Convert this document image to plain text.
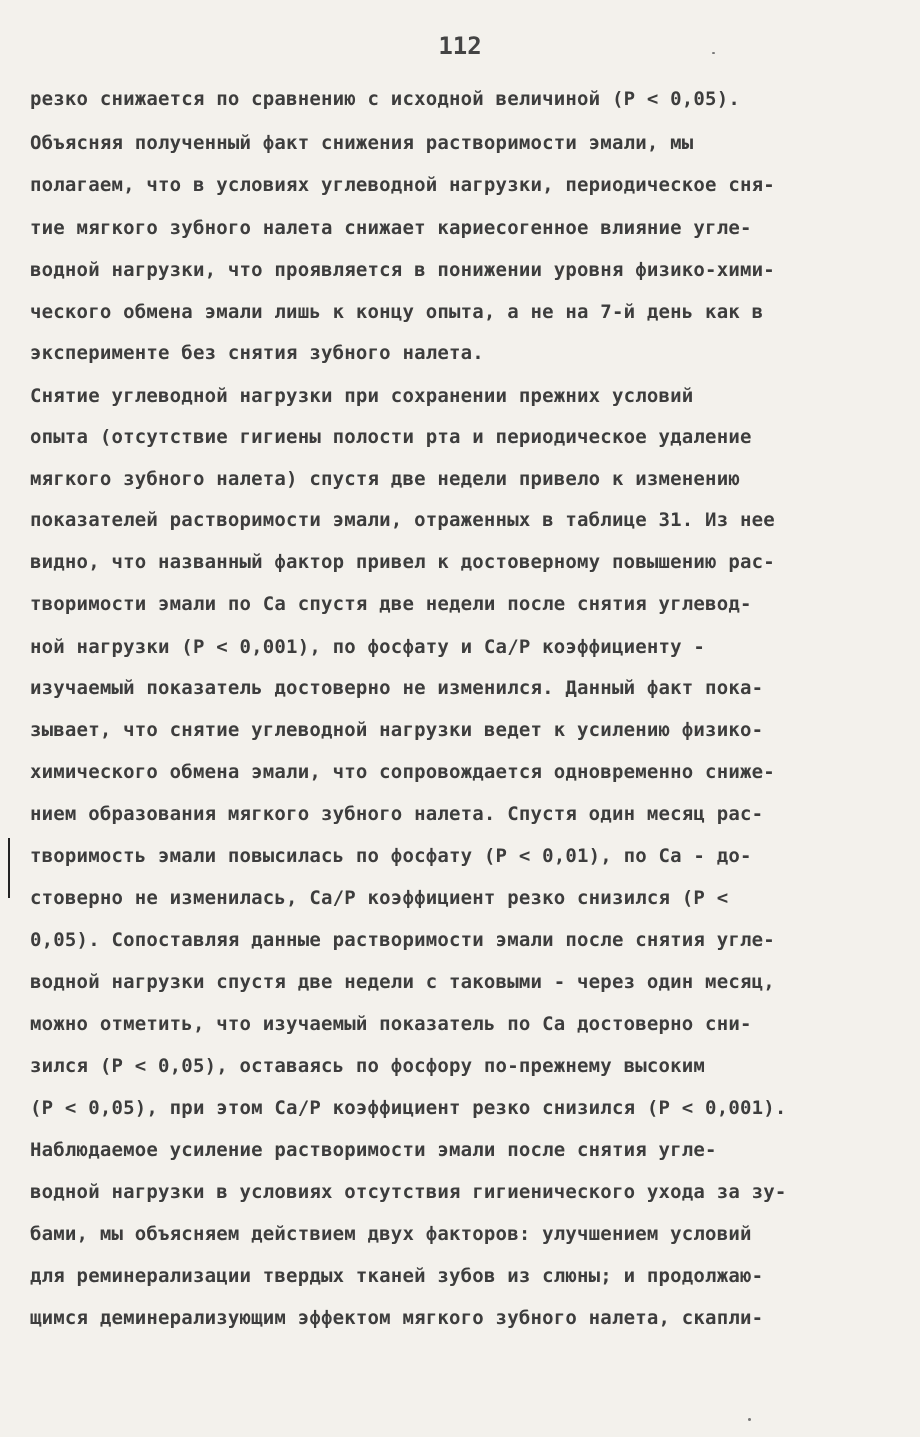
112
резко снижается по сравнению с исходной величиной (Р < 0,05).
Объясняя полученный факт снижения растворимости эмали, мы
полагаем, что в условиях углеводной нагрузки, периодическое сня-
тие мягкого зубного налета снижает кариесогенное влияние угле-
водной нагрузки, что проявляется в понижении уровня физико-хими-
ческого обмена эмали лишь к концу опыта, а не на 7-й день как в
эксперименте без снятия зубного налета.
Снятие углеводной нагрузки при сохранении прежних условий
опыта (отсутствие гигиены полости рта и периодическое удаление
мягкого зубного налета) спустя две недели привело к изменению
показателей растворимости эмали, отраженных в таблице 31. Из нее
видно, что названный фактор привел к достоверному повышению рас-
творимости эмали по Са спустя две недели после снятия углевод-
ной нагрузки (Р < 0,001), по фосфату и Са/Р коэффициенту -
изучаемый показатель достоверно не изменился. Данный факт пока-
зывает, что снятие углеводной нагрузки ведет к усилению физико-
химического обмена эмали, что сопровождается одновременно сниже-
нием образования мягкого зубного налета. Спустя один месяц рас-
творимость эмали повысилась по фосфату (Р < 0,01), по Са - до-
стоверно не изменилась, Са/Р коэффициент резко снизился (Р <
0,05). Сопоставляя данные растворимости эмали после снятия угле-
водной нагрузки спустя две недели с таковыми - через один месяц,
можно отметить, что изучаемый показатель по Са достоверно сни-
зился (Р < 0,05), оставаясь по фосфору по-прежнему высоким
(Р < 0,05), при этом Са/Р коэффициент резко снизился (Р < 0,001).
Наблюдаемое усиление растворимости эмали после снятия угле-
водной нагрузки в условиях отсутствия гигиенического ухода за зу-
бами, мы объясняем действием двух факторов: улучшением условий
для реминерализации твердых тканей зубов из слюны; и продолжаю-
щимся деминерализующим эффектом мягкого зубного налета, скапли-
